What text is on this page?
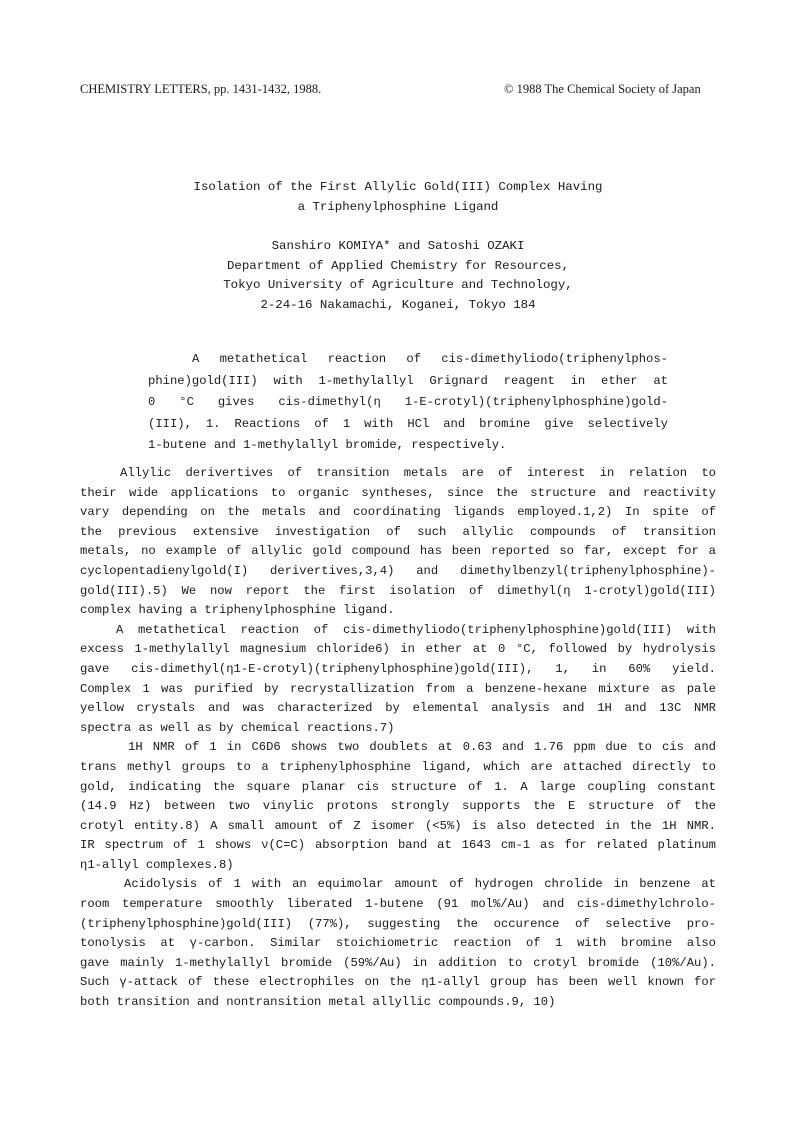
CHEMISTRY LETTERS, pp. 1431-1432, 1988.	© 1988 The Chemical Society of Japan
Isolation of the First Allylic Gold(III) Complex Having
a Triphenylphosphine Ligand
Sanshiro KOMIYA* and Satoshi OZAKI
Department of Applied Chemistry for Resources,
Tokyo University of Agriculture and Technology,
2-24-16 Nakamachi, Koganei, Tokyo 184
A metathetical reaction of cis-dimethyliodo(triphenylphos-
phine)gold(III) with 1-methylallyl Grignard reagent in ether at
0 °C gives cis-dimethyl(η 1-E-crotyl)(triphenylphosphine)gold-
(III), 1. Reactions of 1 with HCl and bromine give selectively
1-butene and 1-methylallyl bromide, respectively.
Allylic derivertives of transition metals are of interest in relation to
their wide applications to organic syntheses, since the structure and reactivity
vary depending on the metals and coordinating ligands employed.1,2) In spite of
the previous extensive investigation of such allylic compounds of transition
metals, no example of allylic gold compound has been reported so far, except for a
cyclopentadienylgold(I) derivertives,3,4) and dimethylbenzyl(triphenylphosphine)-
gold(III).5) We now report the first isolation of dimethyl(η 1-crotyl)gold(III)
complex having a triphenylphosphine ligand.
A metathetical reaction of cis-dimethyliodo(triphenylphosphine)gold(III) with
excess 1-methylallyl magnesium chloride6) in ether at 0 °C, followed by hydrolysis
gave cis-dimethyl(η1-E-crotyl)(triphenylphosphine)gold(III), 1, in 60% yield.
Complex 1 was purified by recrystallization from a benzene-hexane mixture as pale
yellow crystals and was characterized by elemental analysis and 1H and 13C NMR
spectra as well as by chemical reactions.7)
1H NMR of 1 in C6D6 shows two doublets at 0.63 and 1.76 ppm due to cis and
trans methyl groups to a triphenylphosphine ligand, which are attached directly to
gold, indicating the square planar cis structure of 1. A large coupling constant
(14.9 Hz) between two vinylic protons strongly supports the E structure of the
crotyl entity.8) A small amount of Z isomer (<5%) is also detected in the 1H NMR.
IR spectrum of 1 shows ν(C=C) absorption band at 1643 cm-1 as for related platinum
η1-allyl complexes.8)
Acidolysis of 1 with an equimolar amount of hydrogen chrolide in benzene at
room temperature smoothly liberated 1-butene (91 mol%/Au) and cis-dimethylchrolo-
(triphenylphosphine)gold(III) (77%), suggesting the occurence of selective pro-
tonolysis at γ-carbon. Similar stoichiometric reaction of 1 with bromine also
gave mainly 1-methylallyl bromide (59%/Au) in addition to crotyl bromide (10%/Au).
Such γ-attack of these electrophiles on the η1-allyl group has been well known for
both transition and nontransition metal allyllic compounds.9, 10)
